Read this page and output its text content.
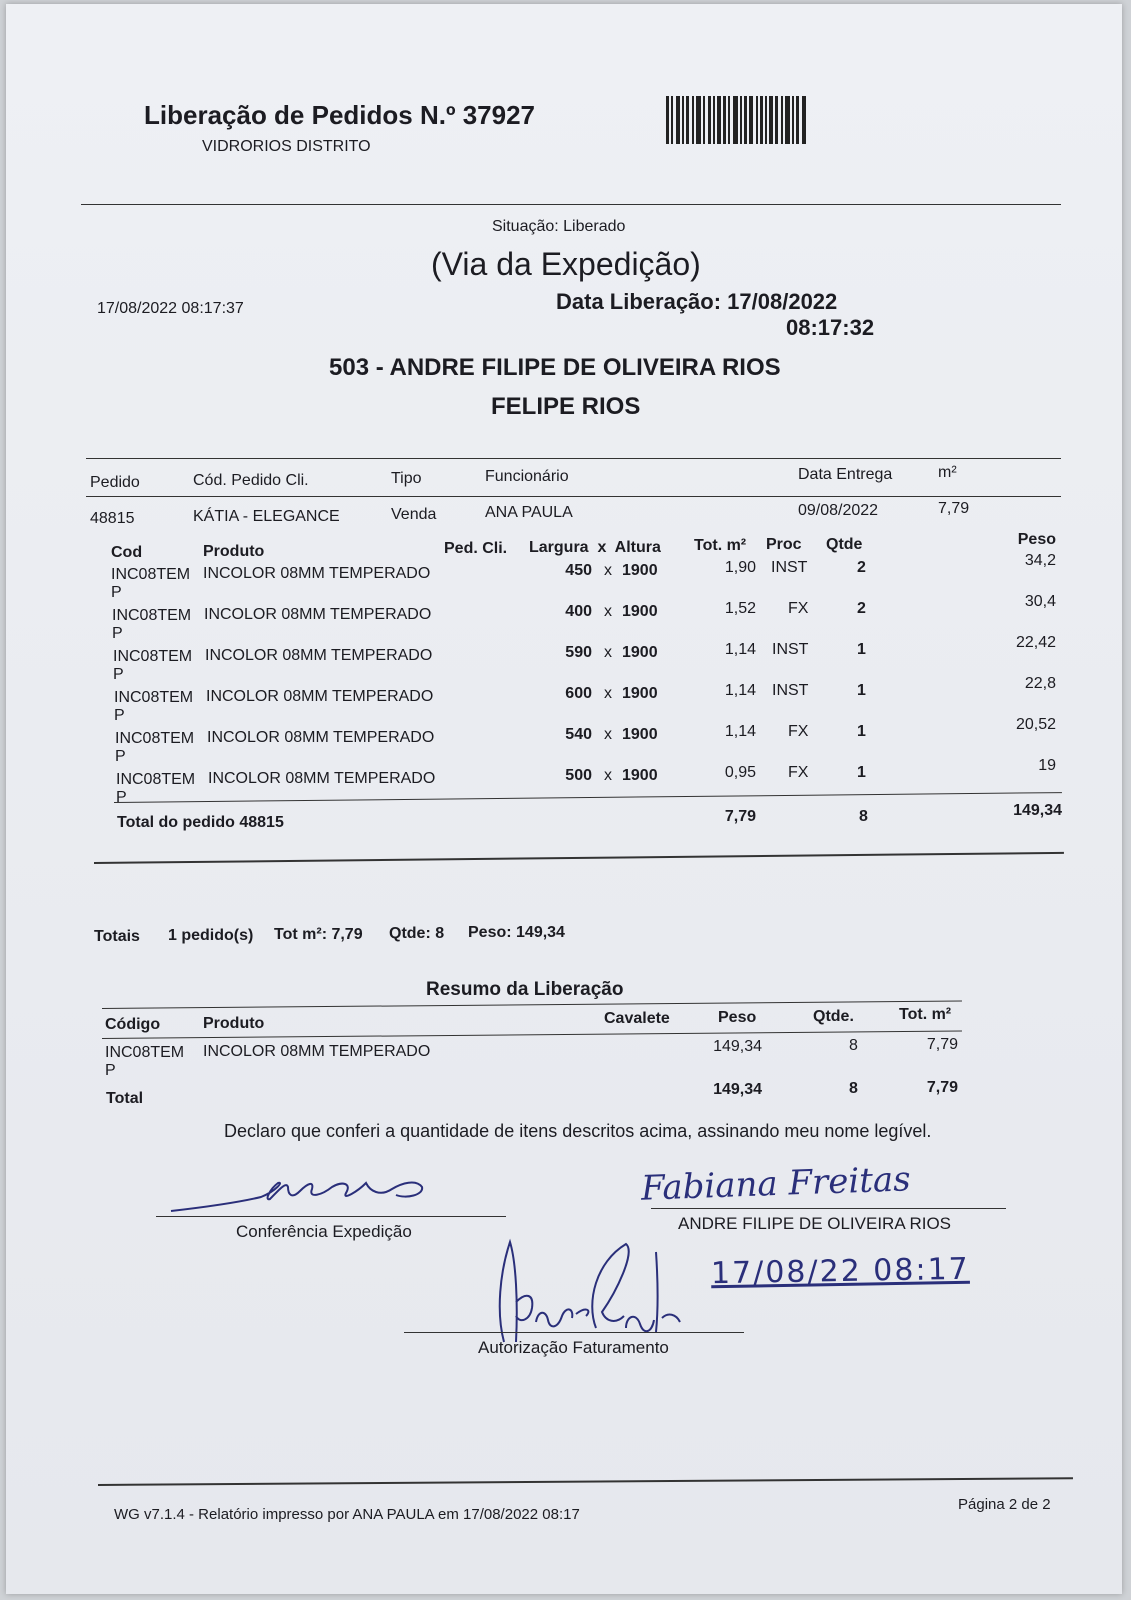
Liberação de Pedidos N.º 37927
VIDRORIOS DISTRITO
Situação: Liberado
(Via da Expedição)
17/08/2022 08:17:37	Data Liberação: 17/08/2022
08:17:32
503 - ANDRE FILIPE DE OLIVEIRA RIOS
FELIPE RIOS
Pedido	Cód. Pedido Cli.	Tipo	Funcionário	Data Entrega	m²
48815	KÁTIA - ELEGANCE	Venda	ANA PAULA	09/08/2022	7,79
Cod	Produto	Ped. Cli. Largura  x  Altura Tot. m² Proc Qtde	Peso
INC08TEM
P
INCOLOR 08MM TEMPERADO	450 x 1900	1,90 INST	2	34,2
INC08TEM
P
INCOLOR 08MM TEMPERADO	400 x 1900	1,52 FX	2	30,4
INC08TEM
P
INCOLOR 08MM TEMPERADO	590 x 1900	1,14 INST	1	22,42
INC08TEM
P
INCOLOR 08MM TEMPERADO	600 x 1900	1,14 INST	1	22,8
INC08TEM
P
INCOLOR 08MM TEMPERADO	540 x 1900	1,14 FX	1	20,52
INC08TEM
P
INCOLOR 08MM TEMPERADO	500 x 1900	0,95 FX	1	19
Total do pedido 48815	7,79	8	149,34
Totais 1 pedido(s) Tot m²: 7,79 Qtde: 8 Peso: 149,34
Resumo da Liberação
Código	Produto	Cavalete	Peso	Qtde.	Tot. m²
INC08TEM
P
INCOLOR 08MM TEMPERADO	149,34	8	7,79
Total
149,34	8	7,79
Declaro que conferi a quantidade de itens descritos acima, assinando meu nome legível.
Conferência Expedição
Fabiana Freitas
ANDRE FILIPE DE OLIVEIRA RIOS
17/08/22 08:17
Autorização Faturamento
WG v7.1.4 - Relatório impresso por ANA PAULA em 17/08/2022 08:17
Página 2 de 2
